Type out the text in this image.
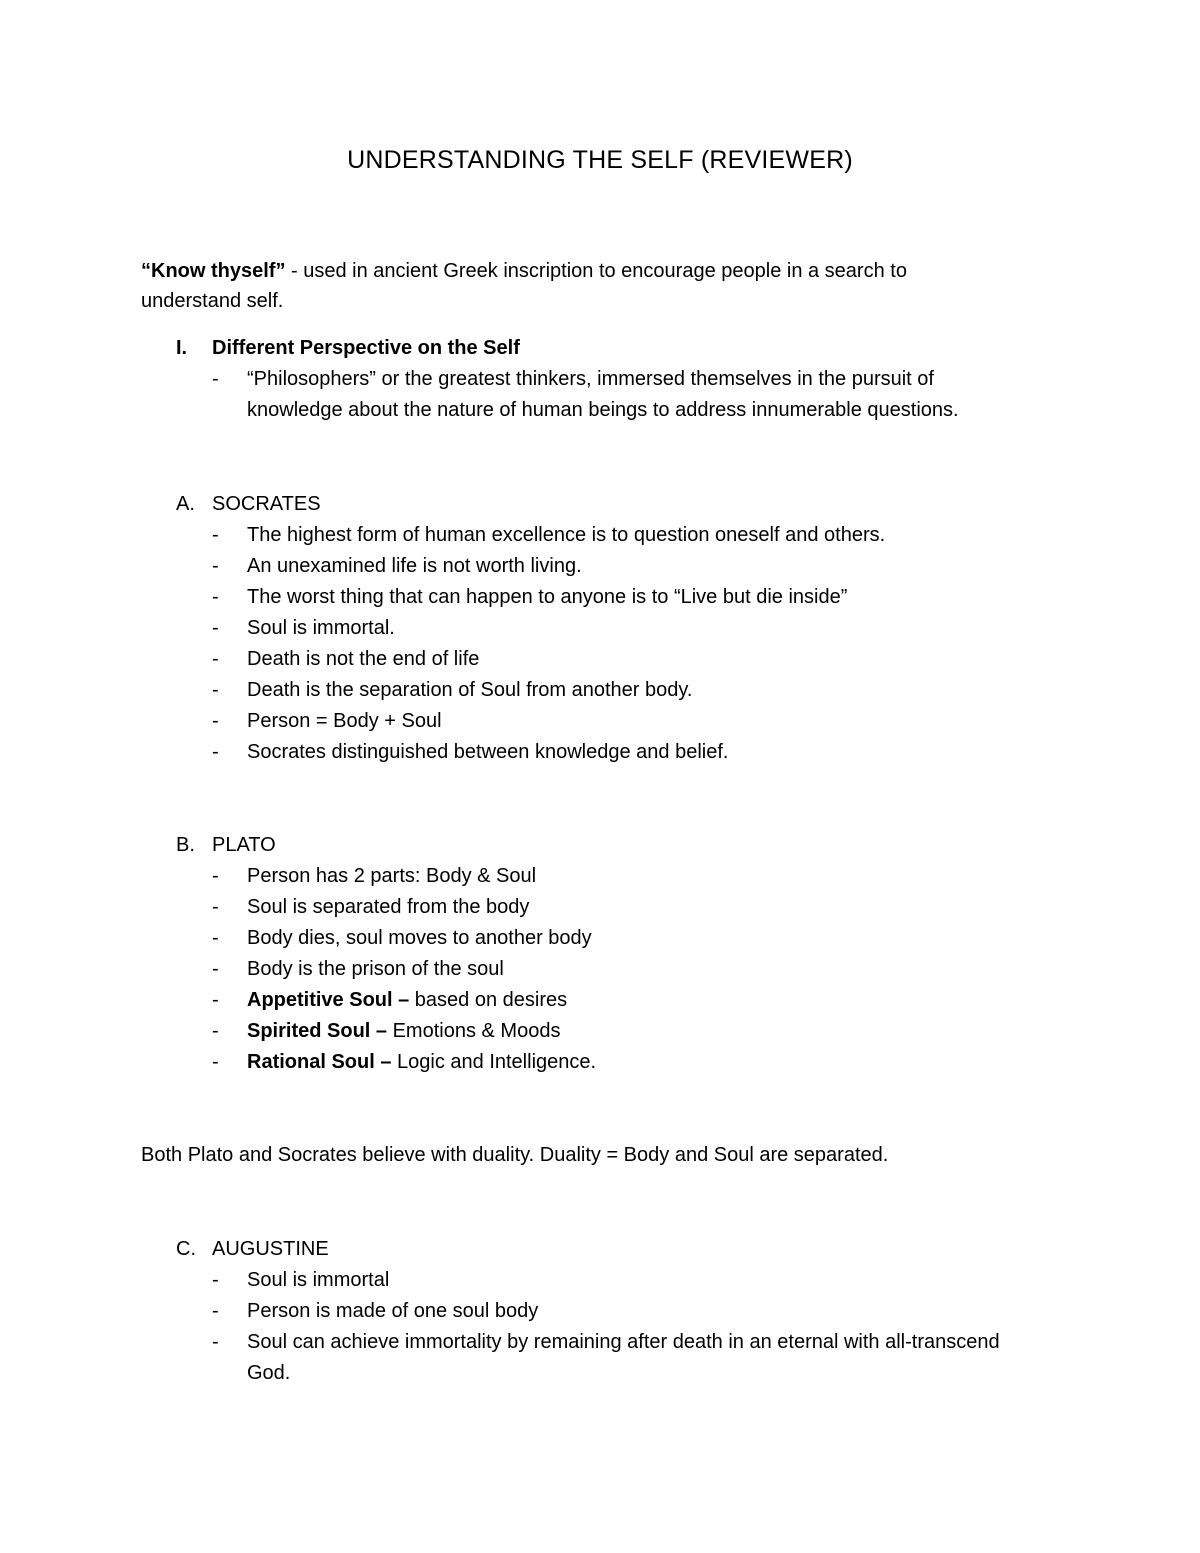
UNDERSTANDING THE SELF (REVIEWER)

“Know thyself” - used in ancient Greek inscription to encourage people in a search to understand self.

I. Different Perspective on the Self

- “Philosophers” or the greatest thinkers, immersed themselves in the pursuit of knowledge about the nature of human beings to address innumerable questions.

A. SOCRATES

- The highest form of human excellence is to question oneself and others.
- An unexamined life is not worth living.
- The worst thing that can happen to anyone is to “Live but die inside”
- Soul is immortal.
- Death is not the end of life
- Death is the separation of Soul from another body.
- Person = Body + Soul
- Socrates distinguished between knowledge and belief.

B. PLATO

- Person has 2 parts: Body & Soul
- Soul is separated from the body
- Body dies, soul moves to another body
- Body is the prison of the soul
- Appetitive Soul – based on desires
- Spirited Soul – Emotions & Moods
- Rational Soul – Logic and Intelligence.

Both Plato and Socrates believe with duality. Duality = Body and Soul are separated.

C. AUGUSTINE

- Soul is immortal
- Person is made of one soul body
- Soul can achieve immortality by remaining after death in an eternal with all-transcend God.
